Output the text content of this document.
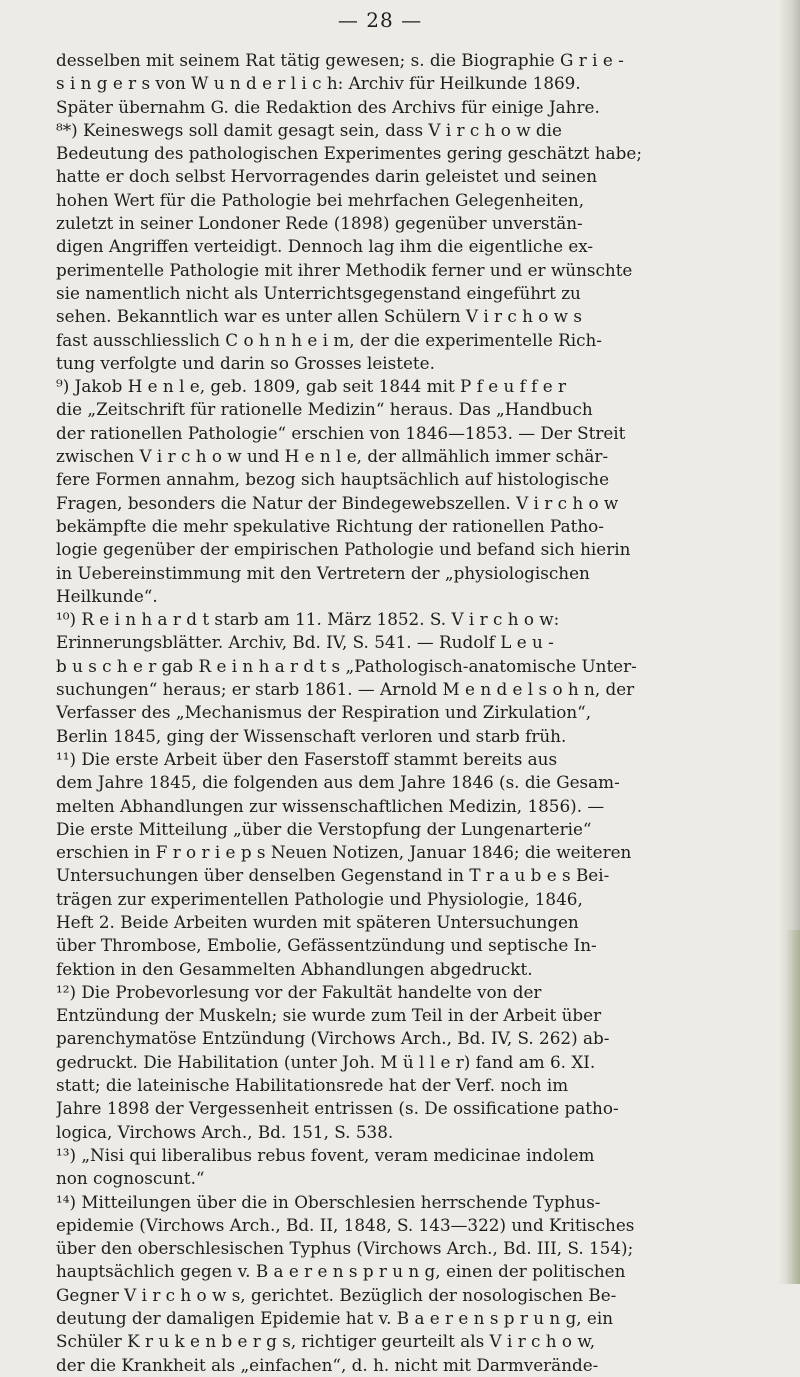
— 28 —
desselben mit seinem Rat tätig gewesen; s. die Biographie G r i e -
s i n g e r s von W u n d e r l i c h: Archiv für Heilkunde 1869.
Später übernahm G. die Redaktion des Archivs für einige Jahre.
⁸*) Keineswegs soll damit gesagt sein, dass V i r c h o w die
Bedeutung des pathologischen Experimentes gering geschätzt habe;
hatte er doch selbst Hervorragendes darin geleistet und seinen
hohen Wert für die Pathologie bei mehrfachen Gelegenheiten,
zuletzt in seiner Londoner Rede (1898) gegenüber unverstän-
digen Angriffen verteidigt. Dennoch lag ihm die eigentliche ex-
perimentelle Pathologie mit ihrer Methodik ferner und er wünschte
sie namentlich nicht als Unterrichtsgegenstand eingeführt zu
sehen. Bekanntlich war es unter allen Schülern V i r c h o w s
fast ausschliesslich C o h n h e i m, der die experimentelle Rich-
tung verfolgte und darin so Grosses leistete.
⁹) Jakob H e n l e, geb. 1809, gab seit 1844 mit P f e u f f e r
die „Zeitschrift für rationelle Medizin“ heraus. Das „Handbuch
der rationellen Pathologie“ erschien von 1846—1853. — Der Streit
zwischen V i r c h o w und H e n l e, der allmählich immer schär-
fere Formen annahm, bezog sich hauptsächlich auf histologische
Fragen, besonders die Natur der Bindegewebszellen. V i r c h o w
bekämpfte die mehr spekulative Richtung der rationellen Patho-
logie gegenüber der empirischen Pathologie und befand sich hierin
in Uebereinstimmung mit den Vertretern der „physiologischen
Heilkunde“.
¹⁰) R e i n h a r d t starb am 11. März 1852. S. V i r c h o w:
Erinnerungsblätter. Archiv, Bd. IV, S. 541. — Rudolf L e u -
b u s c h e r gab R e i n h a r d t s „Pathologisch-anatomische Unter-
suchungen“ heraus; er starb 1861. — Arnold M e n d e l s o h n, der
Verfasser des „Mechanismus der Respiration und Zirkulation“,
Berlin 1845, ging der Wissenschaft verloren und starb früh.
¹¹) Die erste Arbeit über den Faserstoff stammt bereits aus
dem Jahre 1845, die folgenden aus dem Jahre 1846 (s. die Gesam-
melten Abhandlungen zur wissenschaftlichen Medizin, 1856). —
Die erste Mitteilung „über die Verstopfung der Lungenarterie“
erschien in F r o r i e p s Neuen Notizen, Januar 1846; die weiteren
Untersuchungen über denselben Gegenstand in T r a u b e s Bei-
trägen zur experimentellen Pathologie und Physiologie, 1846,
Heft 2. Beide Arbeiten wurden mit späteren Untersuchungen
über Thrombose, Embolie, Gefässentzündung und septische In-
fektion in den Gesammelten Abhandlungen abgedruckt.
¹²) Die Probevorlesung vor der Fakultät handelte von der
Entzündung der Muskeln; sie wurde zum Teil in der Arbeit über
parenchymatöse Entzündung (Virchows Arch., Bd. IV, S. 262) ab-
gedruckt. Die Habilitation (unter Joh. M ü l l e r) fand am 6. XI.
statt; die lateinische Habilitationsrede hat der Verf. noch im
Jahre 1898 der Vergessenheit entrissen (s. De ossificatione patho-
logica, Virchows Arch., Bd. 151, S. 538.
¹³) „Nisi qui liberalibus rebus fovent, veram medicinae indolem
non cognoscunt.“
¹⁴) Mitteilungen über die in Oberschlesien herrschende Typhus-
epidemie (Virchows Arch., Bd. II, 1848, S. 143—322) und Kritisches
über den oberschlesischen Typhus (Virchows Arch., Bd. III, S. 154);
hauptsächlich gegen v. B a e r e n s p r u n g, einen der politischen
Gegner V i r c h o w s, gerichtet. Bezüglich der nosologischen Be-
deutung der damaligen Epidemie hat v. B a e r e n s p r u n g, ein
Schüler K r u k e n b e r g s, richtiger geurteilt als V i r c h o w,
der die Krankheit als „einfachen“, d. h. nicht mit Darmverände-
